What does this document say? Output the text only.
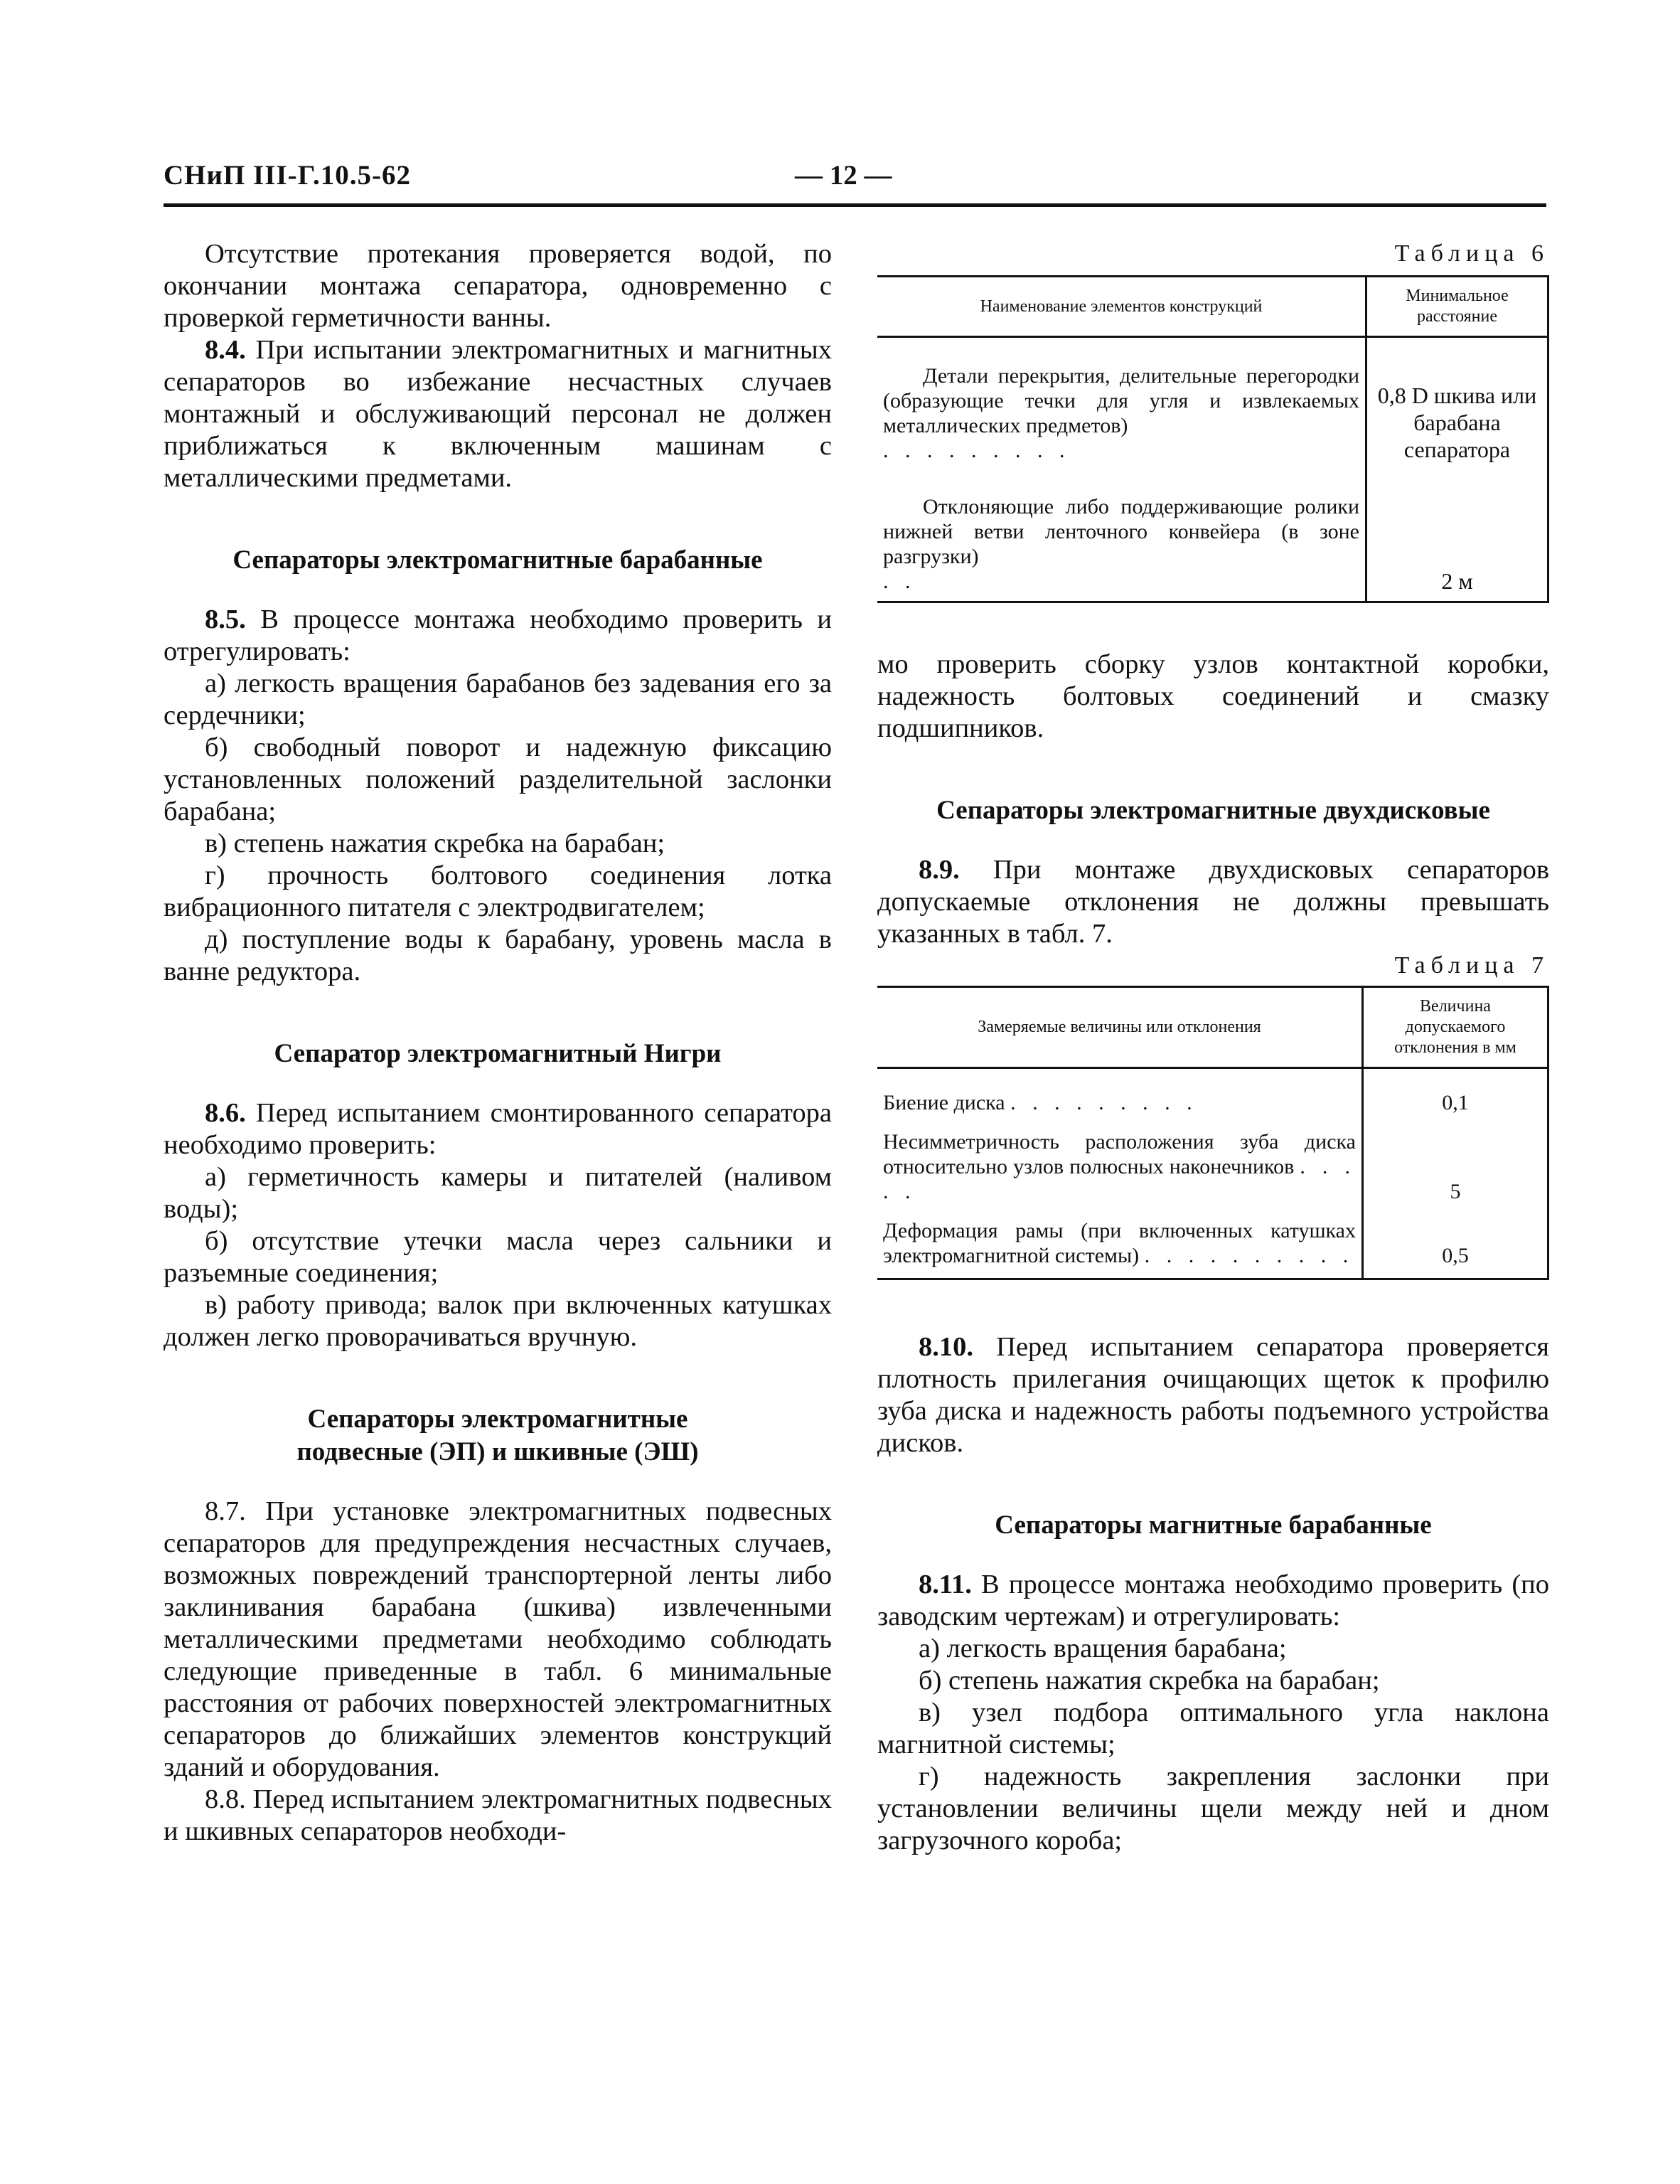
СНиП III-Г.10.5-62	— 12 —

Отсутствие протекания проверяется водой, по окончании монтажа сепаратора, одновременно с проверкой герметичности ванны.

8.4. При испытании электромагнитных и магнитных сепараторов во избежание несчастных случаев монтажный и обслуживающий персонал не должен приближаться к включенным машинам с металлическими предметами.

Сепараторы электромагнитные барабанные

8.5. В процессе монтажа необходимо проверить и отрегулировать:

а) легкость вращения барабанов без задевания его за сердечники;

б) свободный поворот и надежную фиксацию установленных положений разделительной заслонки барабана;

в) степень нажатия скребка на барабан;

г) прочность болтового соединения лотка вибрационного питателя с электродвигателем;

д) поступление воды к барабану, уровень масла в ванне редуктора.

Сепаратор электромагнитный Нигри

8.6. Перед испытанием смонтированного сепаратора необходимо проверить:

а) герметичность камеры и питателей (наливом воды);

б) отсутствие утечки масла через сальники и разъемные соединения;

в) работу привода; валок при включенных катушках должен легко проворачиваться вручную.

Сепараторы электромагнитные
подвесные (ЭП) и шкивные (ЭШ)

8.7. При установке электромагнитных подвесных сепараторов для предупреждения несчастных случаев, возможных повреждений транспортерной ленты либо заклинивания барабана (шкива) извлеченными металлическими предметами необходимо соблюдать следующие приведенные в табл. 6 минимальные расстояния от рабочих поверхностей электромагнитных сепараторов до ближайших элементов конструкций зданий и оборудования.

8.8. Перед испытанием электромагнитных подвесных и шкивных сепараторов необходи-

Таблица 6

Наименование элементов конструкций	Минимальное расстояние

Детали перекрытия, делительные перегородки (образующие течки для угля и извлекаемых металлических предметов)
. . . . . . . . .	0,8 D шкива или барабана сепаратора

Отклоняющие либо поддерживающие ролики нижней ветви ленточного конвейера (в зоне разгрузки)
. .	2 м

мо проверить сборку узлов контактной коробки, надежность болтовых соединений и смазку подшипников.

Сепараторы электромагнитные двухдисковые

8.9. При монтаже двухдисковых сепараторов допускаемые отклонения не должны превышать указанных в табл. 7.

Таблица 7

Замеряемые величины или отклонения	Величина допускаемого отклонения в мм
Биение диска . . . . . . . . .	0,1
Несимметричность расположения зуба диска относительно узлов полюсных наконечников . . . . .	5
Деформация рамы (при включенных катушках электромагнитной системы) . . . . . . . . . .	0,5

8.10. Перед испытанием сепаратора проверяется плотность прилегания очищающих щеток к профилю зуба диска и надежность работы подъемного устройства дисков.

Сепараторы магнитные барабанные

8.11. В процессе монтажа необходимо проверить (по заводским чертежам) и отрегулировать:

а) легкость вращения барабана;

б) степень нажатия скребка на барабан;

в) узел подбора оптимального угла наклона магнитной системы;

г) надежность закрепления заслонки при установлении величины щели между ней и дном загрузочного короба;
